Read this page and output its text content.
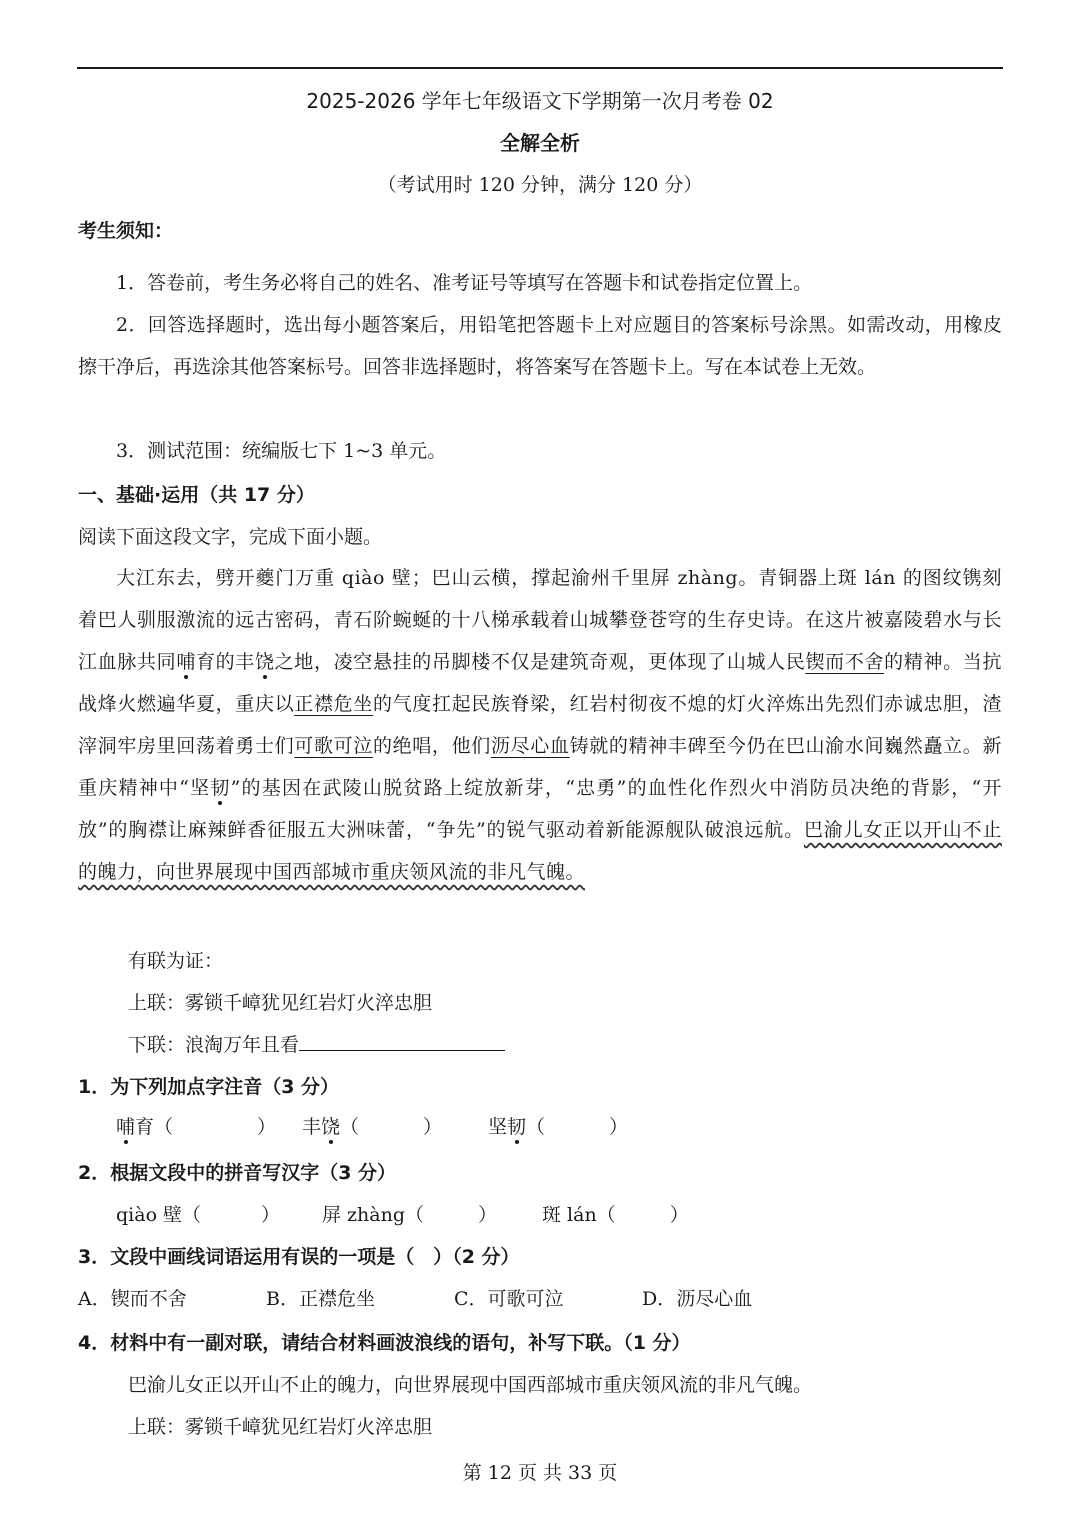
2025-2026 学年七年级语文下学期第一次月考卷 02
全解全析
（考试用时 120 分钟，满分 120 分）
考生须知：
1．答卷前，考生务必将自己的姓名、准考证号等填写在答题卡和试卷指定位置上。
2．回答选择题时，选出每小题答案后，用铅笔把答题卡上对应题目的答案标号涂黑。如需改动，用橡皮擦干净后，再选涂其他答案标号。回答非选择题时，将答案写在答题卡上。写在本试卷上无效。
3．测试范围：统编版七下 1~3 单元。
一、基础·运用（共 17 分）
阅读下面这段文字，完成下面小题。
大江东去，劈开夔门万重 qiào 壁；巴山云横，撑起渝州千里屏 zhàng。青铜器上斑 lán 的图纹镌刻着巴人驯服激流的远古密码，青石阶蜿蜒的十八梯承载着山城攀登苍穹的生存史诗。在这片被嘉陵碧水与长江血脉共同哺育的丰饶之地，凌空悬挂的吊脚楼不仅是建筑奇观，更体现了山城人民锲而不舍的精神。当抗战烽火燃遍华夏，重庆以正襟危坐的气度扛起民族脊梁，红岩村彻夜不熄的灯火淬炼出先烈们赤诚忠胆，渣滓洞牢房里回荡着勇士们可歌可泣的绝唱，他们沥尽心血铸就的精神丰碑至今仍在巴山渝水间巍然矗立。新重庆精神中“坚韧”的基因在武陵山脱贫路上绽放新芽，“忠勇”的血性化作烈火中消防员决绝的背影，“开放”的胸襟让麻辣鲜香征服五大洲味蕾，“争先”的锐气驱动着新能源舰队破浪远航。巴渝儿女正以开山不止的魄力，向世界展现中国西部城市重庆领风流的非凡气魄。
有联为证：
上联：雾锁千嶂犹见红岩灯火淬忠胆
下联：浪淘万年且看
1．为下列加点字注音（3 分）
哺育（	） 丰饶（	） 坚韧（	）
2．根据文段中的拼音写汉字（3 分）
qiào 壁（	） 屏 zhàng（	） 斑 lán（	）
3．文段中画线词语运用有误的一项是（　）（2 分）
A．锲而不舍	B．正襟危坐	C．可歌可泣	D．沥尽心血
4．材料中有一副对联，请结合材料画波浪线的语句，补写下联。（1 分）
巴渝儿女正以开山不止的魄力，向世界展现中国西部城市重庆领风流的非凡气魄。
上联：雾锁千嶂犹见红岩灯火淬忠胆
第 12 页 共 33 页
